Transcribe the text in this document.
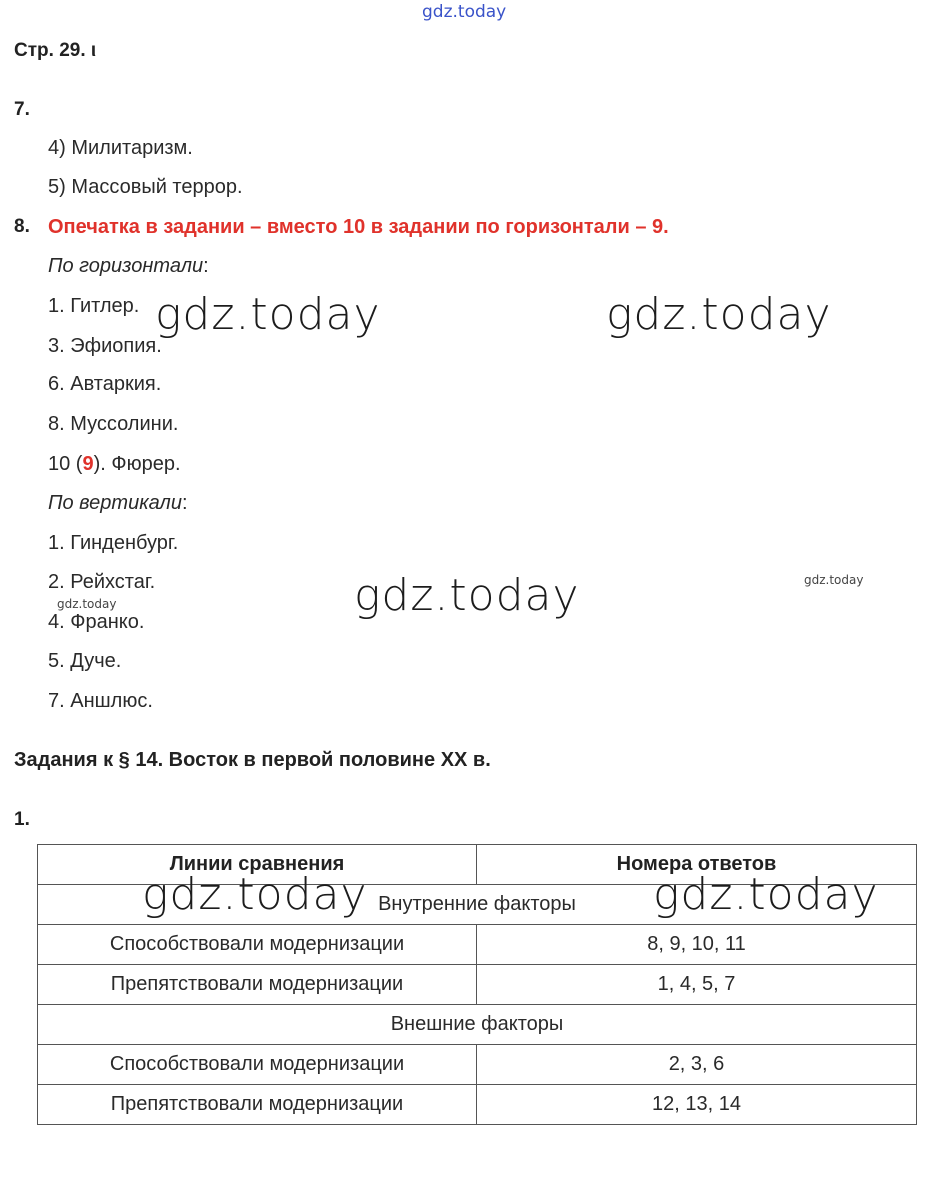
gdz.today
Стр. 29. ι
7.
4) Милитаризм.
5) Массовый террор.
8. Опечатка в задании – вместо 10 в задании по горизонтали – 9.
По горизонтали:
1. Гитлер.
3. Эфиопия.
6. Автаркия.
8. Муссолини.
10 (9). Фюрер.
По вертикали:
1. Гинденбург.
2. Рейхстаг.
4. Франко.
5. Дуче.
7. Аншлюс.
Задания к § 14. Восток в первой половине XX в.
1.
Линии сравнения	Номера ответов
Внутренние факторы	
Способствовали модернизации	8, 9, 10, 11
Препятствовали модернизации	1, 4, 5, 7
Внешние факторы	
Способствовали модернизации	2, 3, 6
Препятствовали модернизации	12, 13, 14
gdz.today	gdz.today
gdz.today
gdz.today	gdz.today
gdz.today
gdz.today
